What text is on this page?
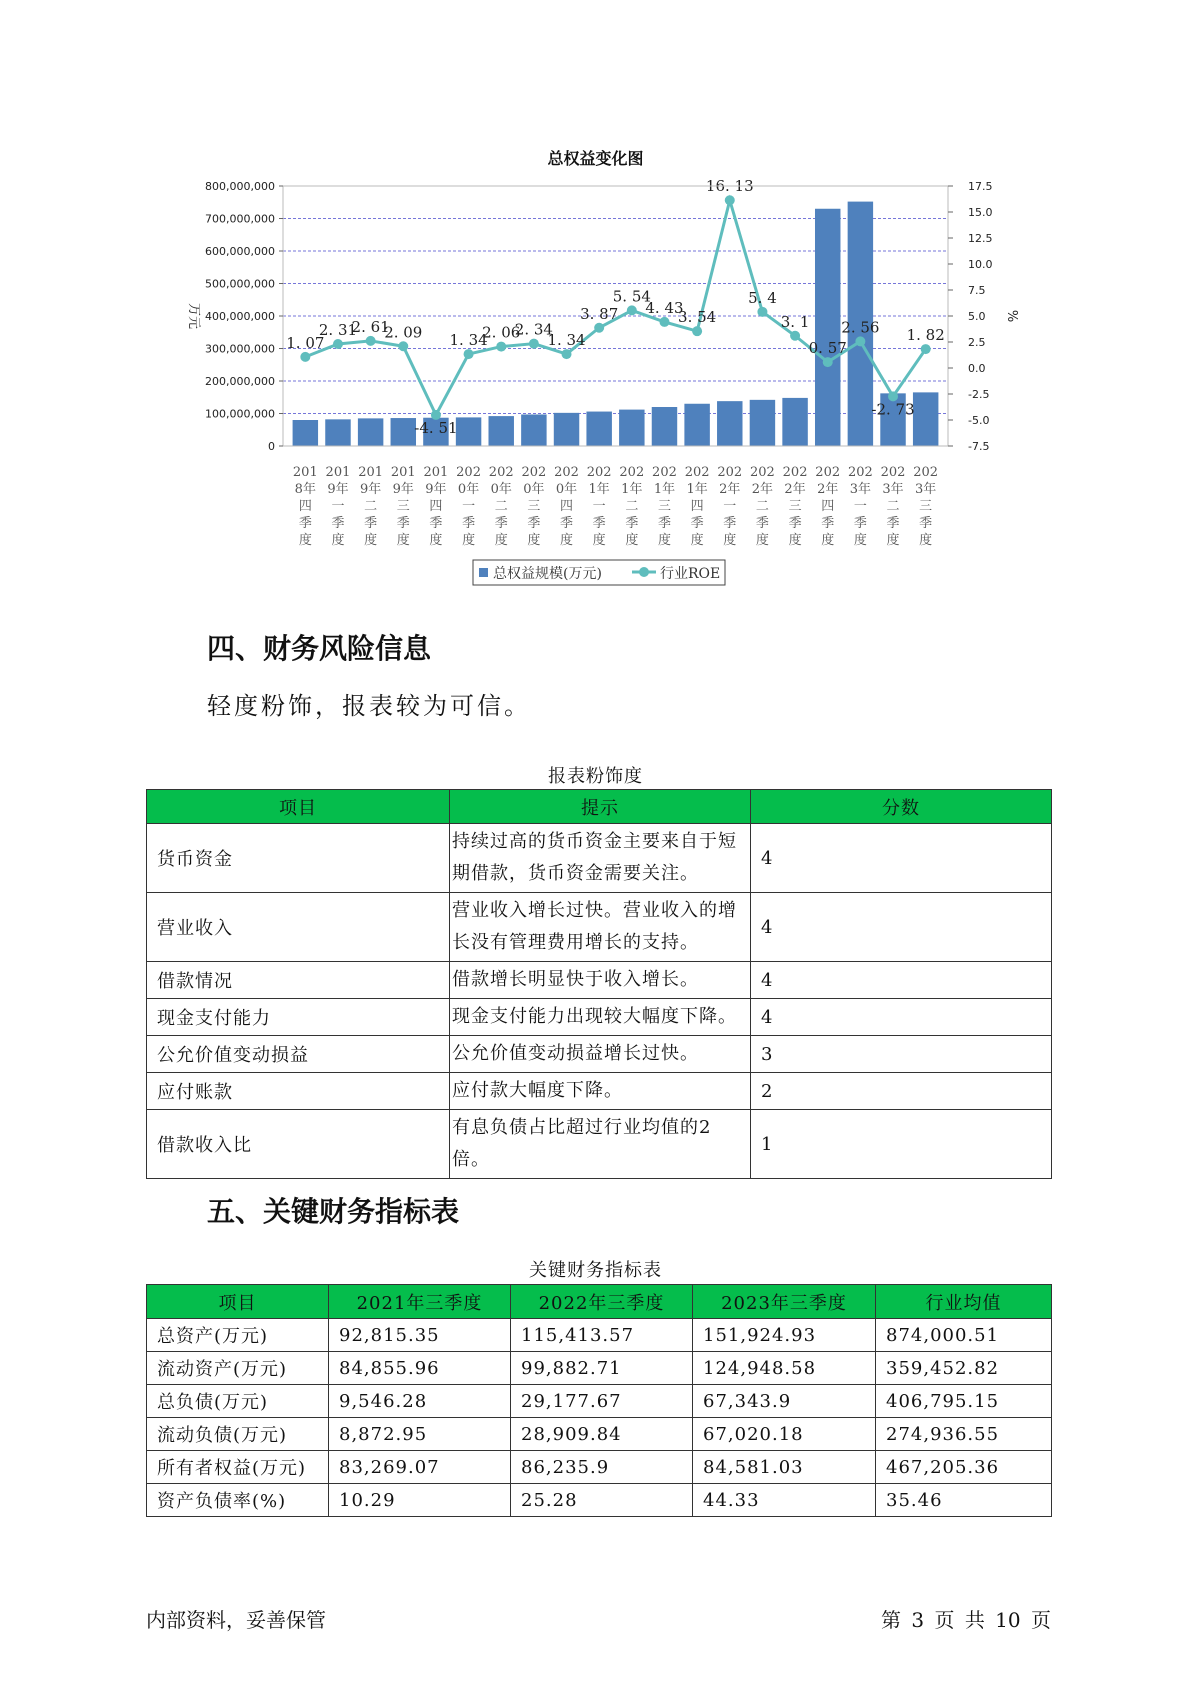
总权益变化图
1. 07
2. 31
2. 61
2. 09
-4. 51
1. 34
2. 06
2. 34
1. 34
3. 87
5. 54
4. 43
3. 54
16. 13
5. 4
3. 1
0. 57
2. 56
-2. 73
1. 82
0
100,000,000
200,000,000
300,000,000
400,000,000
500,000,000
600,000,000
700,000,000
800,000,000
-7.5
-5.0
-2.5
0.0
2.5
5.0
7.5
10.0
12.5
15.0
17.5
万元	%
201
8年
四
季
度
201
9年
一
季
度
201
9年
二
季
度
201
9年
三
季
度
201
9年
四
季
度
202
0年
一
季
度
202
0年
二
季
度
202
0年
三
季
度
202
0年
四
季
度
202
1年
一
季
度
202
1年
二
季
度
202
1年
三
季
度
202
1年
四
季
度
202
2年
一
季
度
202
2年
二
季
度
202
2年
三
季
度
202
2年
四
季
度
202
3年
一
季
度
202
3年
二
季
度
202
3年
三
季
度
总权益规模(万元)	行业ROE
四、财务风险信息
轻度粉饰，报表较为可信。
报表粉饰度
项目	提示	分数
货币资金	持续过高的货币资金主要来自于短期借款，货币资金需要关注。	4
营业收入	营业收入增长过快。营业收入的增长没有管理费用增长的支持。	4
借款情况	借款增长明显快于收入增长。	4
现金支付能力	现金支付能力出现较大幅度下降。	4
公允价值变动损益	公允价值变动损益增长过快。	3
应付账款	应付款大幅度下降。	2
借款收入比	有息负债占比超过行业均值的2倍。	1
五、关键财务指标表
关键财务指标表
项目	2021年三季度	2022年三季度	2023年三季度	行业均值
总资产(万元)	92,815.35	115,413.57	151,924.93	874,000.51
流动资产(万元)	84,855.96	99,882.71	124,948.58	359,452.82
总负债(万元)	9,546.28	29,177.67	67,343.9	406,795.15
流动负债(万元)	8,872.95	28,909.84	67,020.18	274,936.55
所有者权益(万元)	83,269.07	86,235.9	84,581.03	467,205.36
资产负债率(%)	10.29	25.28	44.33	35.46
内部资料，妥善保管	第 3 页 共 10 页
